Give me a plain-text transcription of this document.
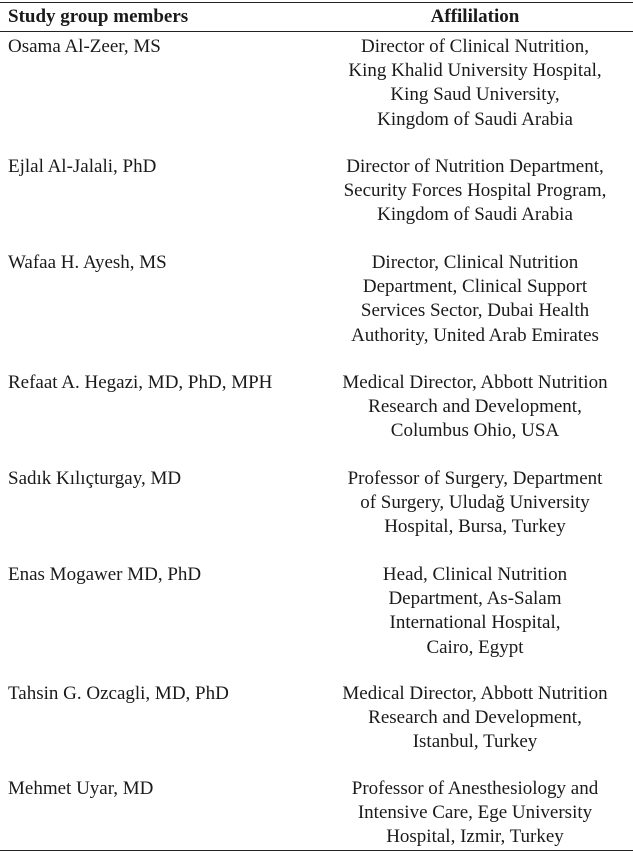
Study group members	Affililation
Osama Al-Zeer, MS	Director of Clinical Nutrition,
King Khalid University Hospital,
King Saud University,
Kingdom of Saudi Arabia
Ejlal Al-Jalali, PhD	Director of Nutrition Department,
Security Forces Hospital Program,
Kingdom of Saudi Arabia
Wafaa H. Ayesh, MS	Director, Clinical Nutrition
Department, Clinical Support
Services Sector, Dubai Health
Authority, United Arab Emirates
Refaat A. Hegazi, MD, PhD, MPH	Medical Director, Abbott Nutrition
Research and Development,
Columbus Ohio, USA
Sadık Kılıçturgay, MD	Professor of Surgery, Department
of Surgery, Uludağ University
Hospital, Bursa, Turkey
Enas Mogawer MD, PhD	Head, Clinical Nutrition
Department, As-Salam
International Hospital,
Cairo, Egypt
Tahsin G. Ozcagli, MD, PhD	Medical Director, Abbott Nutrition
Research and Development,
Istanbul, Turkey
Mehmet Uyar, MD	Professor of Anesthesiology and
Intensive Care, Ege University
Hospital, Izmir, Turkey
